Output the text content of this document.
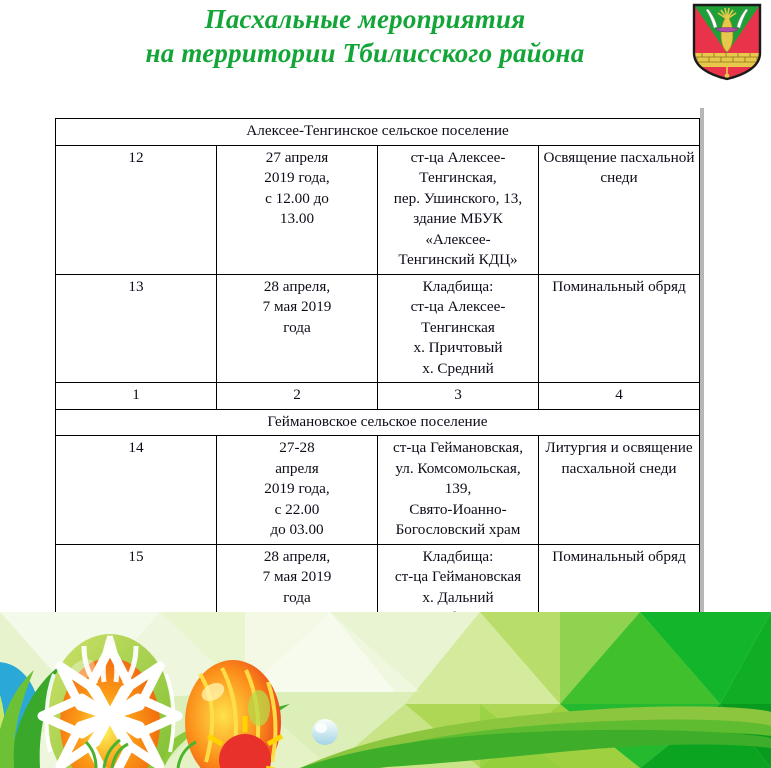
Пасхальные мероприятия
на территории Тбилисского района
Алексее-Тенгинское сельское поселение			
12	27 апреля
2019 года,
с 12.00 до
13.00	ст-ца Алексее-
Тенгинская,
пер. Ушинского, 13,
здание МБУК «Алексее-
Тенгинский КДЦ»	Освящение пасхальной
снеди

13	28 апреля,
7 мая 2019
года	Кладбища:
ст-ца Алексее-Тенгинская
х. Причтовый
х. Средний	Поминальный обряд

1	2	3	4
Геймановское сельское поселение			
14	27-28
апреля
2019 года,
с 22.00
до 03.00	ст-ца Геймановская,
ул. Комсомольская, 139,
Свято-Иоанно-
Богословский храм	Литургия и освящение
пасхальной снеди

15	28 апреля,
7 мая 2019
года	Кладбища:
ст-ца Геймановская
х. Дальний	Поминальный обряд
